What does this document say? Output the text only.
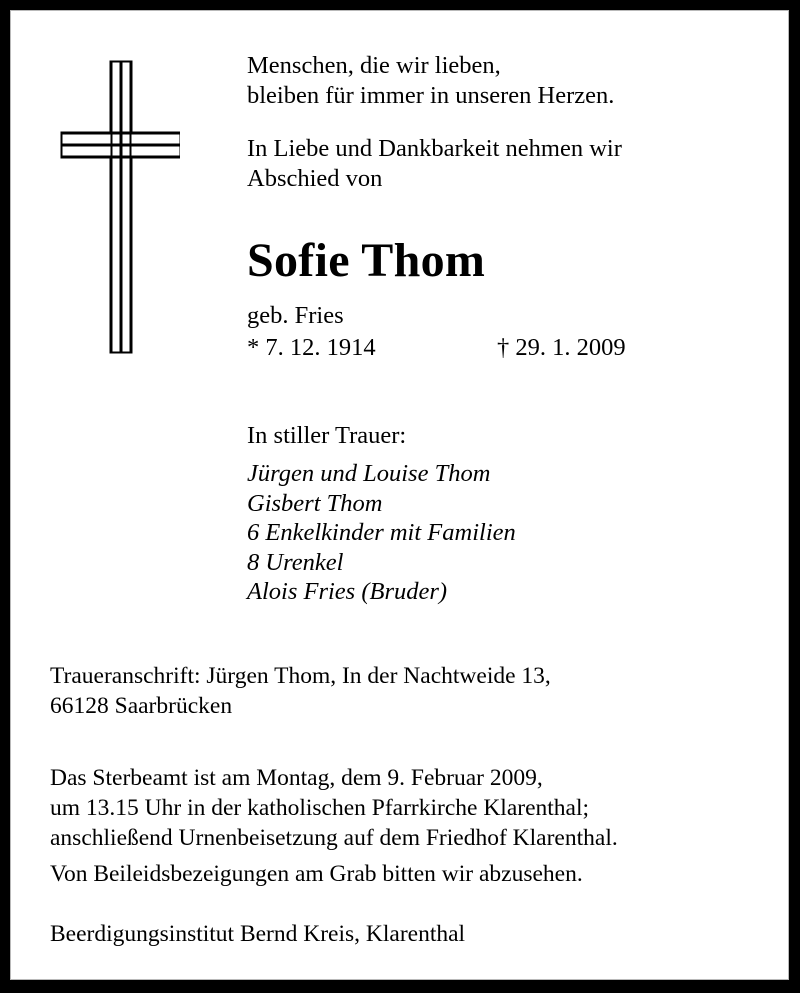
Menschen, die wir lieben,
bleiben für immer in unseren Herzen.
In Liebe und Dankbarkeit nehmen wir
Abschied von
Sofie Thom
geb. Fries
* 7. 12. 1914	† 29. 1. 2009
In stiller Trauer:
Jürgen und Louise Thom
Gisbert Thom
6 Enkelkinder mit Familien
8 Urenkel
Alois Fries (Bruder)
Traueranschrift: Jürgen Thom, In der Nachtweide 13,
66128 Saarbrücken
Das Sterbeamt ist am Montag, dem 9. Februar 2009,
um 13.15 Uhr in der katholischen Pfarrkirche Klarenthal;
anschließend Urnenbeisetzung auf dem Friedhof Klarenthal.
Von Beileidsbezeigungen am Grab bitten wir abzusehen.
Beerdigungsinstitut Bernd Kreis, Klarenthal
